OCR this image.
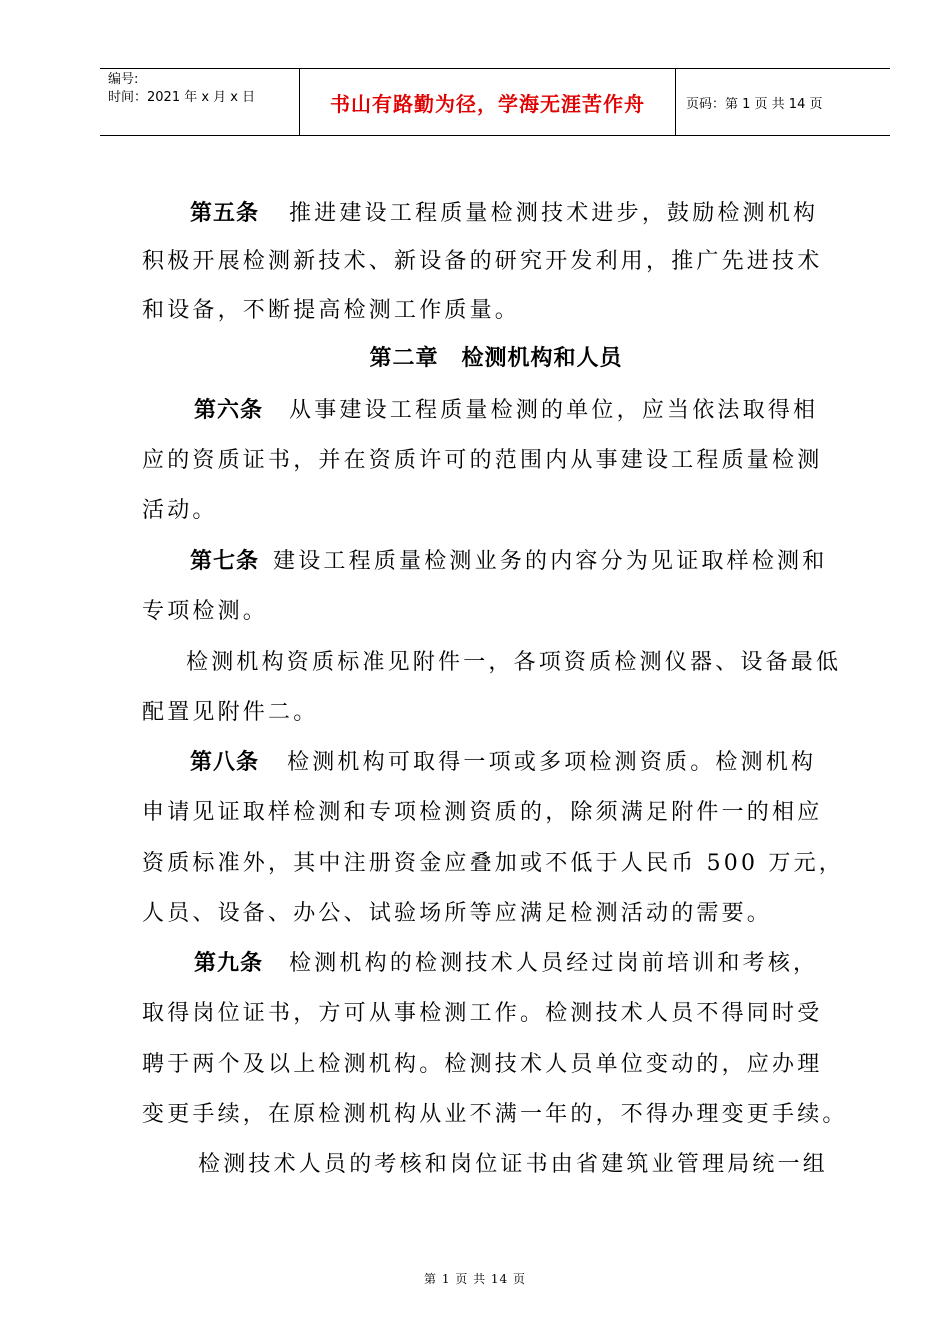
编号:
时间：2021 年 x 月 x 日	书山有路勤为径，学海无涯苦作舟	页码：第 1 页 共 14 页
第五条 推进建设工程质量检测技术进步，鼓励检测机构
积极开展检测新技术、新设备的研究开发利用，推广先进技术
和设备，不断提高检测工作质量。
第二章　检测机构和人员
第六条 从事建设工程质量检测的单位，应当依法取得相
应的资质证书，并在资质许可的范围内从事建设工程质量检测
活动。
第七条 建设工程质量检测业务的内容分为见证取样检测和
专项检测。
检测机构资质标准见附件一，各项资质检测仪器、设备最低
配置见附件二。
第八条 检测机构可取得一项或多项检测资质。检测机构
申请见证取样检测和专项检测资质的，除须满足附件一的相应
资质标准外，其中注册资金应叠加或不低于人民币 500 万元，
人员、设备、办公、试验场所等应满足检测活动的需要。
第九条 检测机构的检测技术人员经过岗前培训和考核，
取得岗位证书，方可从事检测工作。检测技术人员不得同时受
聘于两个及以上检测机构。检测技术人员单位变动的，应办理
变更手续，在原检测机构从业不满一年的，不得办理变更手续。
检测技术人员的考核和岗位证书由省建筑业管理局统一组
第 1 页 共 14 页
